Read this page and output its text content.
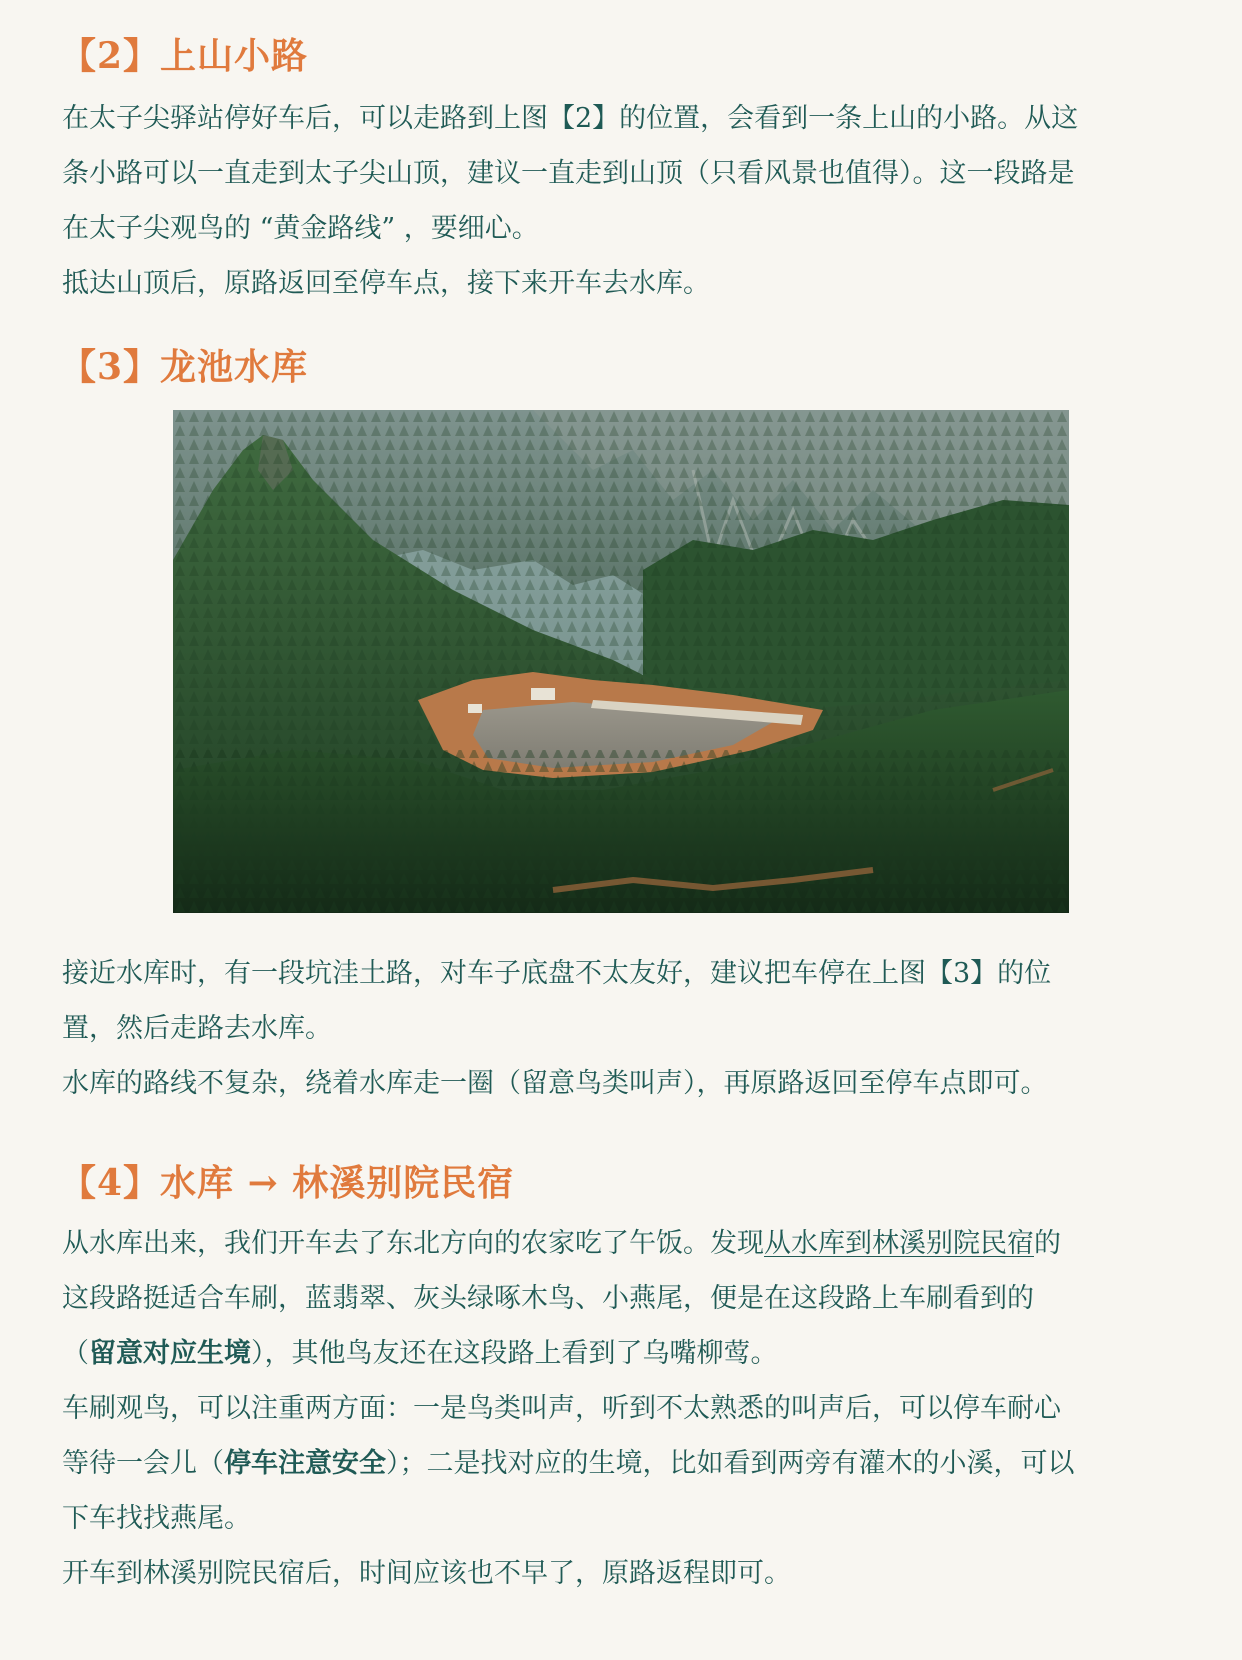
【2】上山小路
在太子尖驿站停好车后，可以走路到上图【2】的位置，会看到一条上山的小路。从这
条小路可以一直走到太子尖山顶，建议一直走到山顶（只看风景也值得）。这一段路是
在太子尖观鸟的 “黄金路线” ，要细心。
抵达山顶后，原路返回至停车点，接下来开车去水库。
【3】龙池水库
接近水库时，有一段坑洼土路，对车子底盘不太友好，建议把车停在上图【3】的位
置，然后走路去水库。
水库的路线不复杂，绕着水库走一圈（留意鸟类叫声），再原路返回至停车点即可。
【4】水库 → 林溪别院民宿
从水库出来，我们开车去了东北方向的农家吃了午饭。发现从水库到林溪别院民宿的
这段路挺适合车刷，蓝翡翠、灰头绿啄木鸟、小燕尾，便是在这段路上车刷看到的
（留意对应生境），其他鸟友还在这段路上看到了乌嘴柳莺。
车刷观鸟，可以注重两方面：一是鸟类叫声，听到不太熟悉的叫声后，可以停车耐心
等待一会儿（停车注意安全）；二是找对应的生境，比如看到两旁有灌木的小溪，可以
下车找找燕尾。
开车到林溪别院民宿后，时间应该也不早了，原路返程即可。
